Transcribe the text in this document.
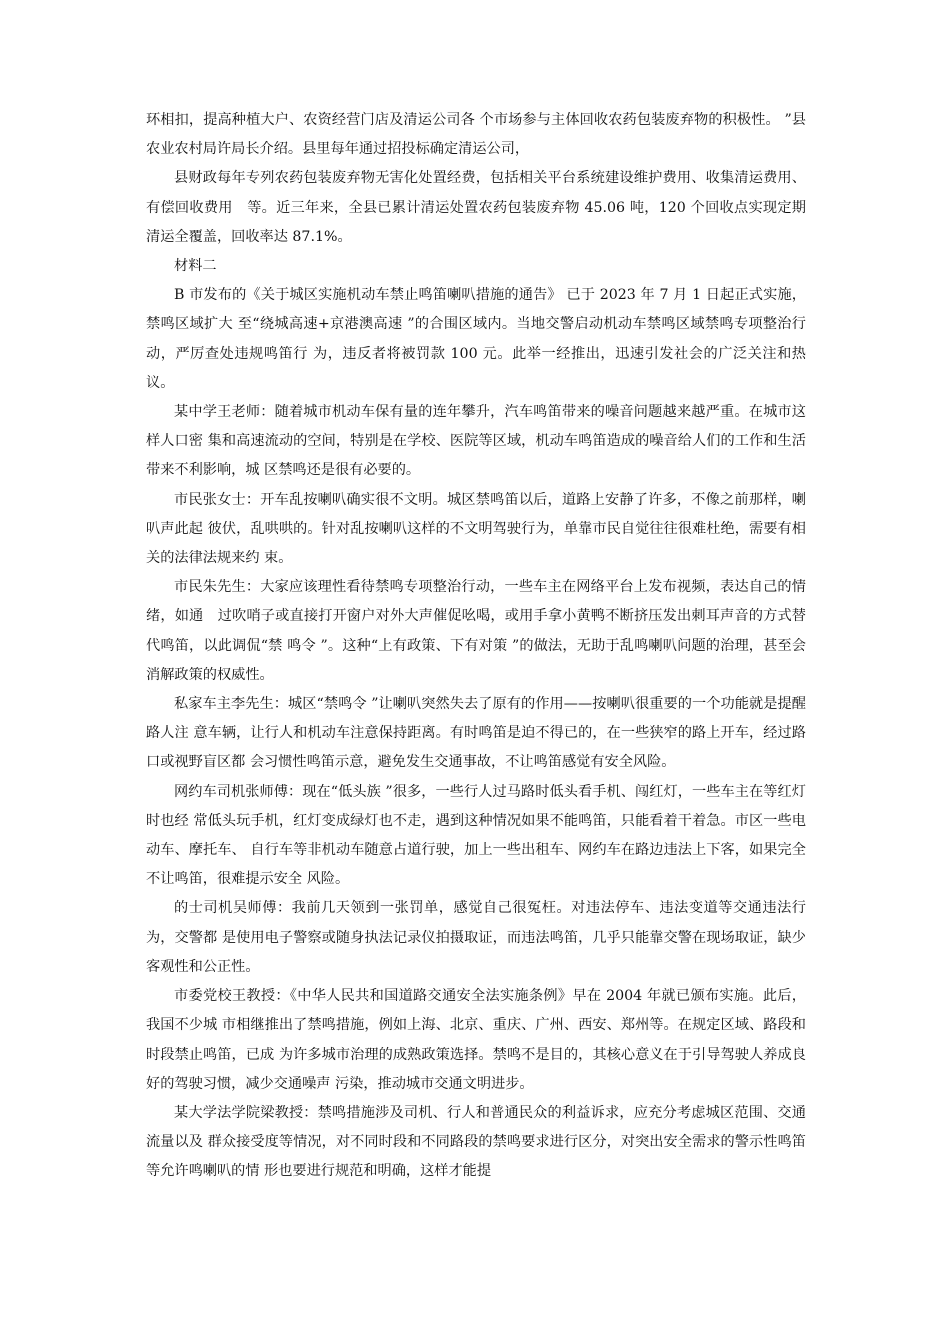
环相扣，提高种植大户、农资经营门店及清运公司各 个市场参与主体回收农药包装废弃物的积极性。 ”县农业农村局许局长介绍。县里每年通过招投标确定清运公司，

县财政每年专列农药包装废弃物无害化处置经费，包括相关平台系统建设维护费用、收集清运费用、有偿回收费用　等。近三年来，全县已累计清运处置农药包装废弃物 45.06 吨，120 个回收点实现定期清运全覆盖，回收率达 87.1%。

材料二

B 市发布的《关于城区实施机动车禁止鸣笛喇叭措施的通告》 已于 2023 年 7 月 1 日起正式实施，禁鸣区域扩大 至“绕城高速+京港澳高速 ”的合围区域内。当地交警启动机动车禁鸣区域禁鸣专项整治行动，严厉查处违规鸣笛行 为，违反者将被罚款 100 元。此举一经推出，迅速引发社会的广泛关注和热议。

某中学王老师：随着城市机动车保有量的连年攀升，汽车鸣笛带来的噪音问题越来越严重。在城市这样人口密 集和高速流动的空间，特别是在学校、医院等区域，机动车鸣笛造成的噪音给人们的工作和生活带来不利影响，城 区禁鸣还是很有必要的。

市民张女士：开车乱按喇叭确实很不文明。城区禁鸣笛以后，道路上安静了许多，不像之前那样，喇叭声此起 彼伏，乱哄哄的。针对乱按喇叭这样的不文明驾驶行为，单靠市民自觉往往很难杜绝，需要有相关的法律法规来约 束。

市民朱先生：大家应该理性看待禁鸣专项整治行动，一些车主在网络平台上发布视频，表达自己的情绪，如通　过吹哨子或直接打开窗户对外大声催促吆喝，或用手拿小黄鸭不断挤压发出刺耳声音的方式替代鸣笛，以此调侃“禁 鸣令 ”。这种“上有政策、下有对策 ”的做法，无助于乱鸣喇叭问题的治理，甚至会消解政策的权威性。

私家车主李先生：城区“禁鸣令 ”让喇叭突然失去了原有的作用——按喇叭很重要的一个功能就是提醒路人注 意车辆，让行人和机动车注意保持距离。有时鸣笛是迫不得已的，在一些狭窄的路上开车，经过路口或视野盲区都 会习惯性鸣笛示意，避免发生交通事故，不让鸣笛感觉有安全风险。

网约车司机张师傅：现在“低头族 ”很多，一些行人过马路时低头看手机、闯红灯，一些车主在等红灯时也经 常低头玩手机，红灯变成绿灯也不走，遇到这种情况如果不能鸣笛，只能看着干着急。市区一些电动车、摩托车、 自行车等非机动车随意占道行驶，加上一些出租车、网约车在路边违法上下客，如果完全不让鸣笛，很难提示安全 风险。

的士司机吴师傅：我前几天领到一张罚单，感觉自己很冤枉。对违法停车、违法变道等交通违法行为，交警都 是使用电子警察或随身执法记录仪拍摄取证，而违法鸣笛，几乎只能靠交警在现场取证，缺少客观性和公正性。

市委党校王教授：《中华人民共和国道路交通安全法实施条例》早在 2004 年就已颁布实施。此后，我国不少城 市相继推出了禁鸣措施，例如上海、北京、重庆、广州、西安、郑州等。在规定区域、路段和时段禁止鸣笛，已成 为许多城市治理的成熟政策选择。禁鸣不是目的，其核心意义在于引导驾驶人养成良好的驾驶习惯，减少交通噪声 污染，推动城市交通文明进步。

某大学法学院梁教授：禁鸣措施涉及司机、行人和普通民众的利益诉求，应充分考虑城区范围、交通流量以及 群众接受度等情况，对不同时段和不同路段的禁鸣要求进行区分，对突出安全需求的警示性鸣笛等允许鸣喇叭的情 形也要进行规范和明确，这样才能提
